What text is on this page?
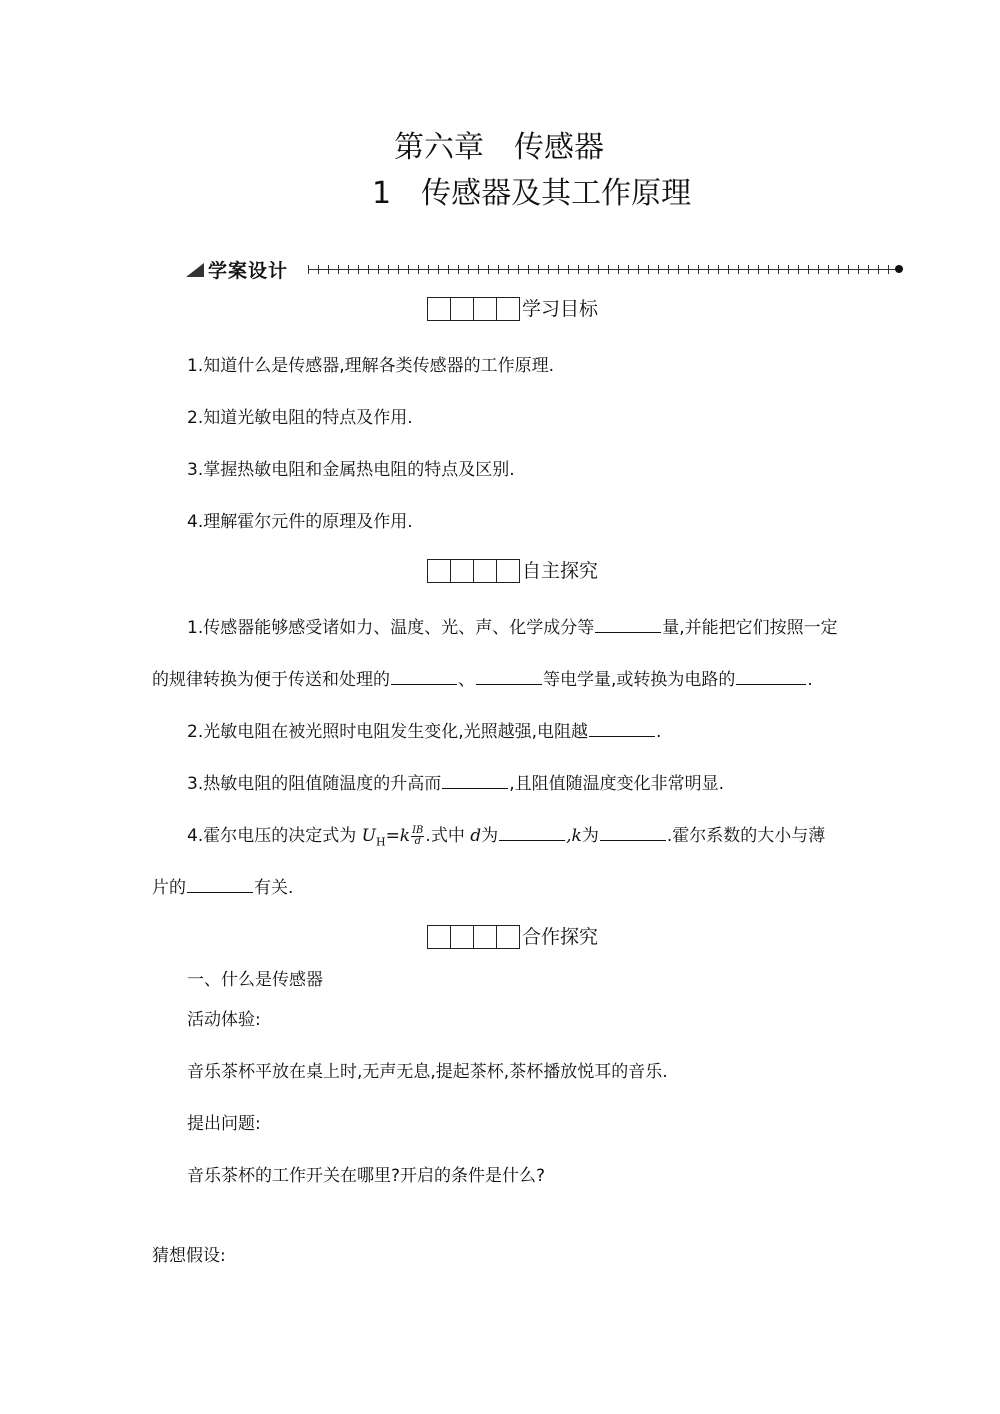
第六章　传感器
1　传感器及其工作原理
学案设计
学习目标
1.知道什么是传感器,理解各类传感器的工作原理.
2.知道光敏电阻的特点及作用.
3.掌握热敏电阻和金属热电阻的特点及区别.
4.理解霍尔元件的原理及作用.
自主探究
1.传感器能够感受诸如力、温度、光、声、化学成分等	量,并能把它们按照一定
的规律转换为便于传送和处理的	、	等电学量,或转换为电路的	.
2.光敏电阻在被光照时电阻发生变化,光照越强,电阻越	.
3.热敏电阻的阻值随温度的升高而	,且阻值随温度变化非常明显.
4.霍尔电压的决定式为 $U_H=k \frac{IB}{d}$ .式中 d为	,k为	.霍尔系数的大小与薄
片的	有关.
合作探究
一、什么是传感器
活动体验:
音乐茶杯平放在桌上时,无声无息,提起茶杯,茶杯播放悦耳的音乐.
提出问题:
音乐茶杯的工作开关在哪里?开启的条件是什么?
猜想假设:
